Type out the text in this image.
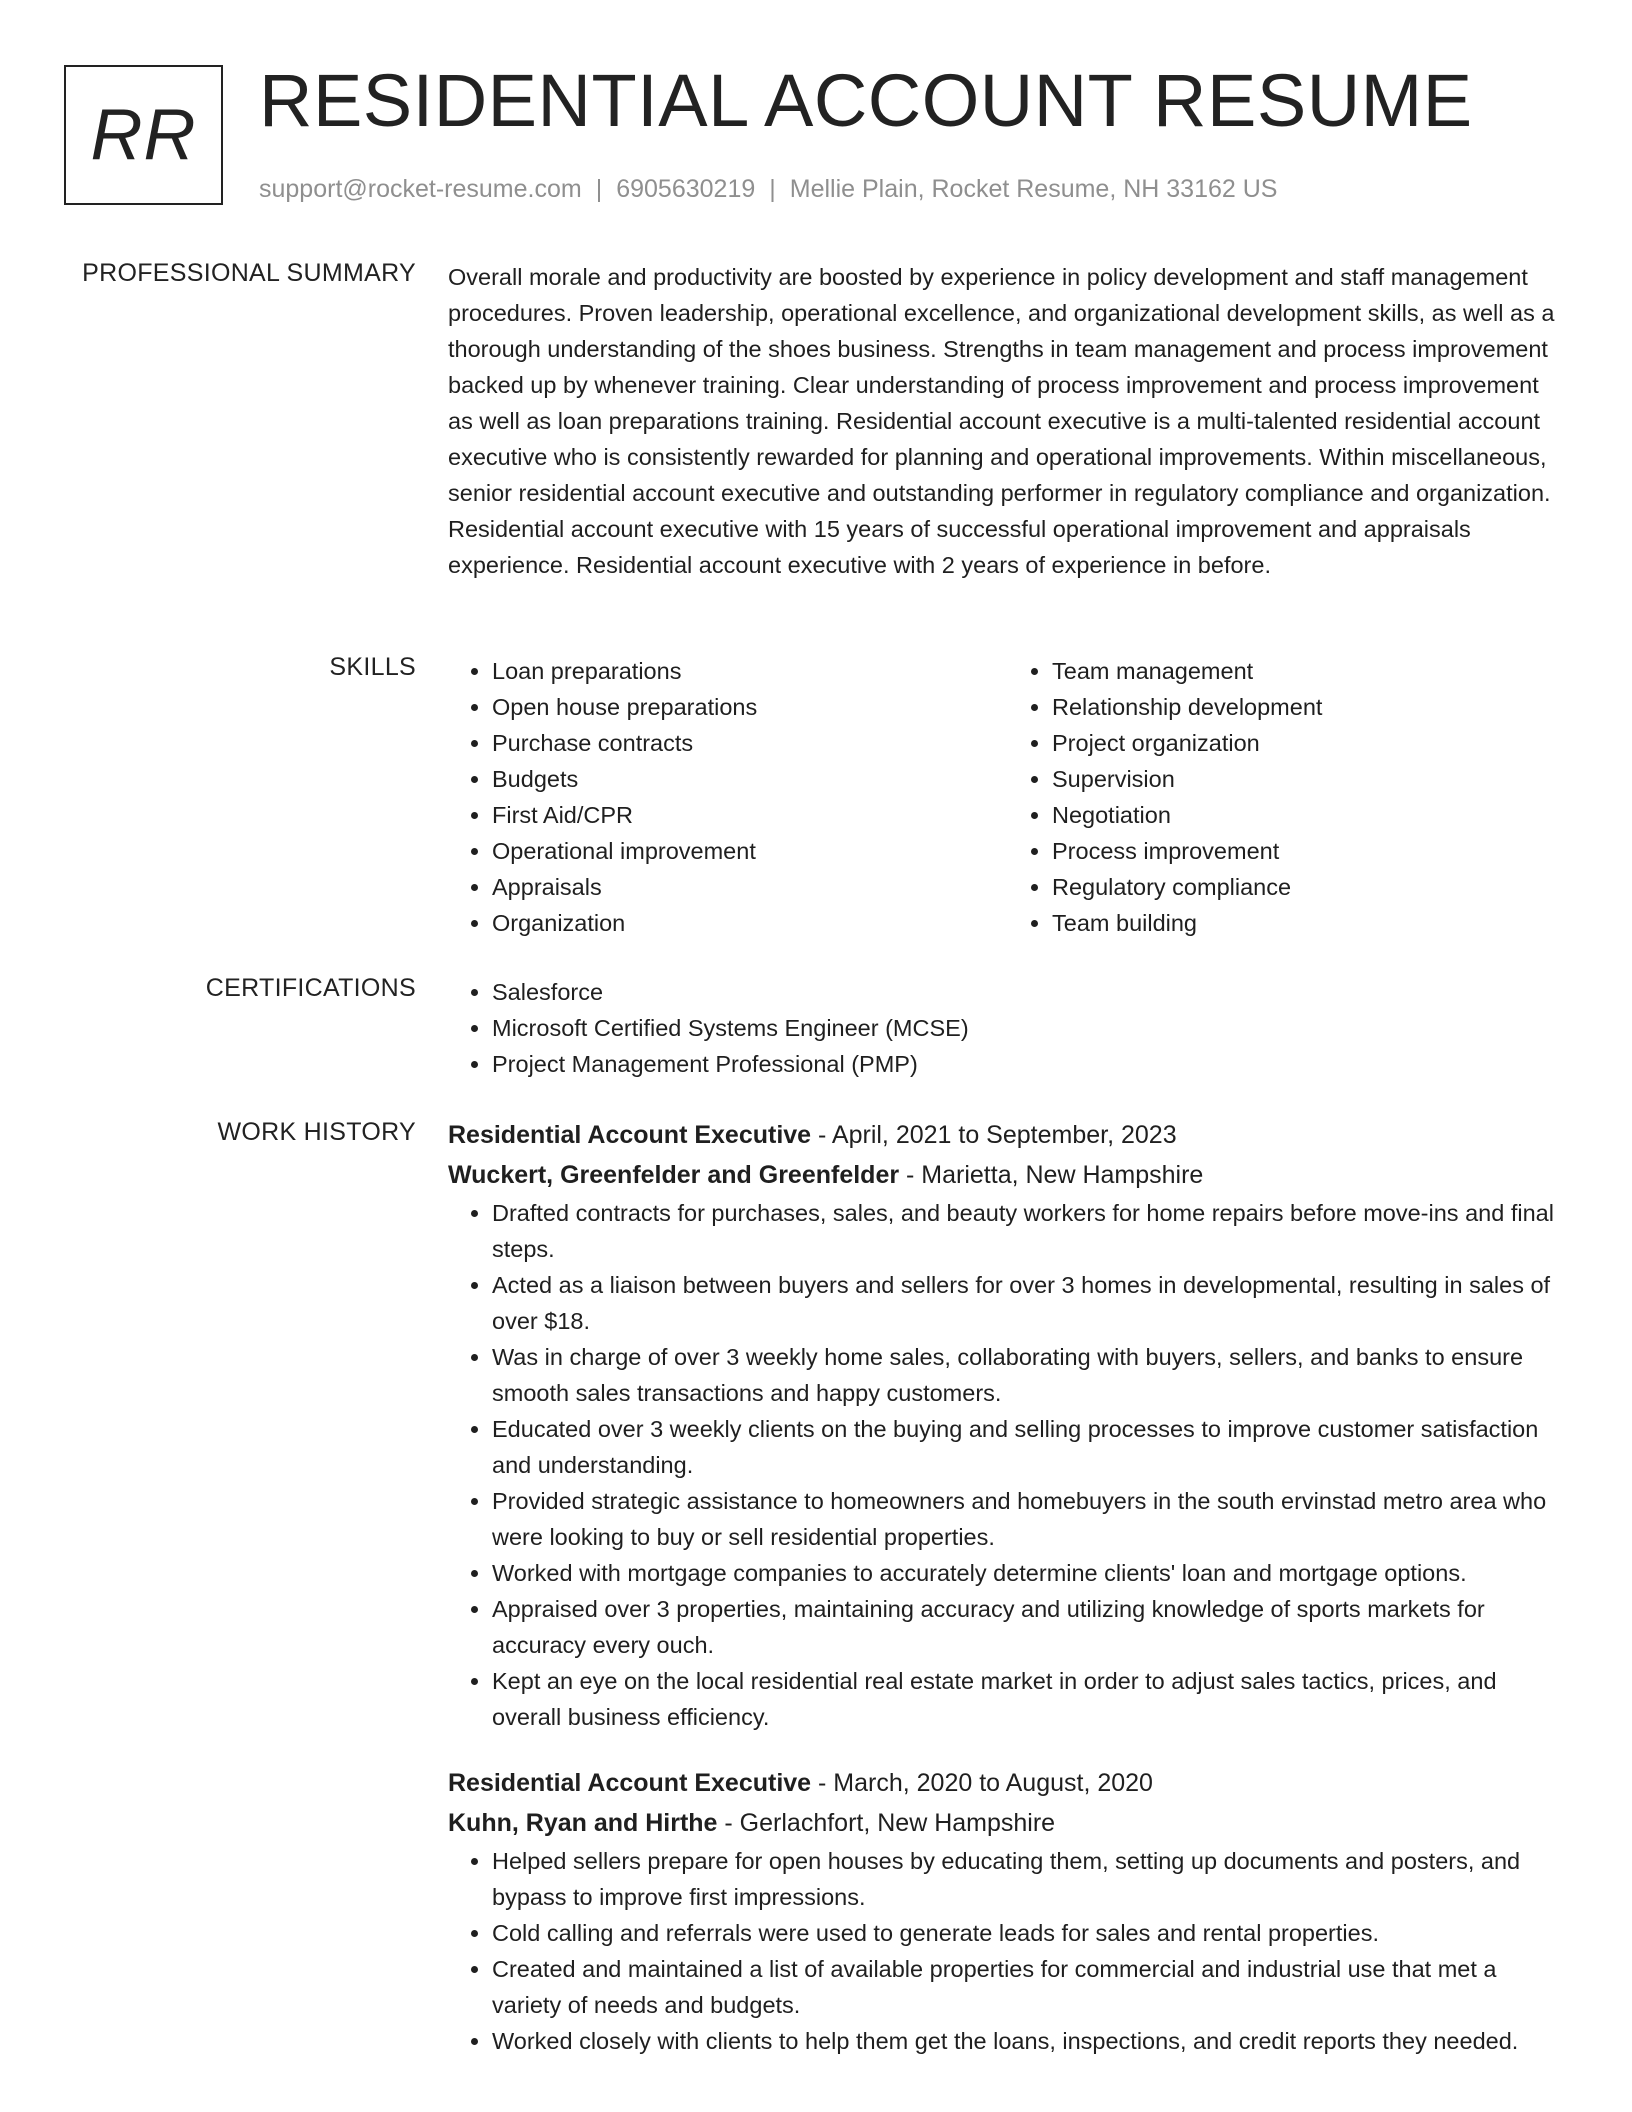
RR RESIDENTIAL ACCOUNT RESUME
support@rocket-resume.com | 6905630219 | Mellie Plain, Rocket Resume, NH 33162 US
PROFESSIONAL SUMMARY Overall morale and productivity are boosted by experience in policy development and staff management procedures. Proven leadership, operational excellence, and organizational development skills, as well as a thorough understanding of the shoes business. Strengths in team management and process improvement backed up by whenever training. Clear understanding of process improvement and process improvement as well as loan preparations training. Residential account executive is a multi-talented residential account executive who is consistently rewarded for planning and operational improvements. Within miscellaneous, senior residential account executive and outstanding performer in regulatory compliance and organization. Residential account executive with 15 years of successful operational improvement and appraisals experience. Residential account executive with 2 years of experience in before.

SKILLS	• Loan preparations
• Open house preparations
• Purchase contracts
• Budgets
• First Aid/CPR
• Operational improvement
• Appraisals
• Organization
• Team management
• Relationship development
• Project organization
• Supervision
• Negotiation
• Process improvement
• Regulatory compliance
• Team building
CERTIFICATIONS	• Salesforce
• Microsoft Certified Systems Engineer (MCSE)
• Project Management Professional (PMP)
WORK HISTORY Residential Account Executive - April, 2021 to September, 2023
Wuckert, Greenfelder and Greenfelder - Marietta, New Hampshire
• Drafted contracts for purchases, sales, and beauty workers for home repairs before move-ins and final steps.
• Acted as a liaison between buyers and sellers for over 3 homes in developmental, resulting in sales of over $18.
• Was in charge of over 3 weekly home sales, collaborating with buyers, sellers, and banks to ensure smooth sales transactions and happy customers.
• Educated over 3 weekly clients on the buying and selling processes to improve customer satisfaction and understanding.
• Provided strategic assistance to homeowners and homebuyers in the south ervinstad metro area who were looking to buy or sell residential properties.
• Worked with mortgage companies to accurately determine clients' loan and mortgage options.
• Appraised over 3 properties, maintaining accuracy and utilizing knowledge of sports markets for accuracy every ouch.
• Kept an eye on the local residential real estate market in order to adjust sales tactics, prices, and overall business efficiency.
Residential Account Executive - March, 2020 to August, 2020
Kuhn, Ryan and Hirthe - Gerlachfort, New Hampshire
• Helped sellers prepare for open houses by educating them, setting up documents and posters, and bypass to improve first impressions.
• Cold calling and referrals were used to generate leads for sales and rental properties.
• Created and maintained a list of available properties for commercial and industrial use that met a variety of needs and budgets.
• Worked closely with clients to help them get the loans, inspections, and credit reports they needed.
